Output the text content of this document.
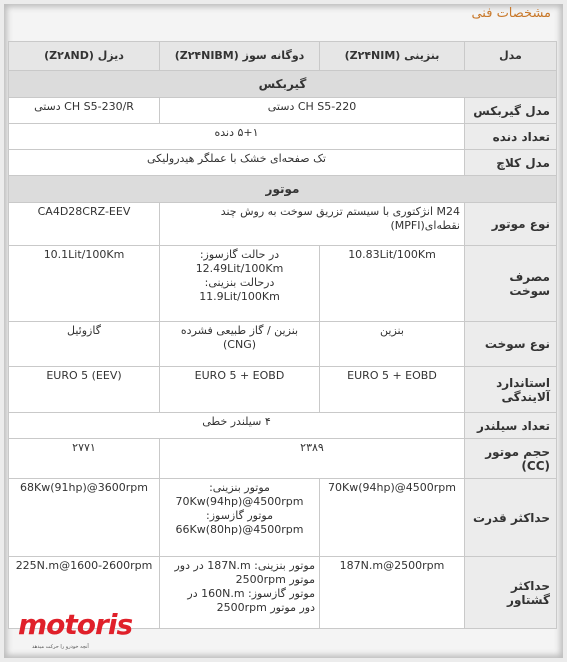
مشخصات فنی
مدل	بنزینی (Z۲۴NIM)	دوگانه سوز (Z۲۴NIBM)	دیزل (Z۲۸ND)
گیربکس			
مدل گیربکس	CH S5-220 دستی		CH S5-230/R دستی
تعداد دنده	۵+۱ دنده		
مدل کلاچ	تک صفحه‌ای خشک با عملگر هیدرولیکی		
موتور			
نوع موتور	M24 انژکتوری با سیستم تزریق سوخت به روش چند نقطه‌ای(MPFI)		CA4D28CRZ-EEV
مصرف سوخت	10.83Lit/100Km	در حالت گازسوز:
12.49Lit/100Km
درحالت بنزینی:
11.9Lit/100Km	10.1Lit/100Km
نوع سوخت	بنزین	بنزین / گاز طبیعی فشرده (CNG)	گازوئیل
استاندارد آلایندگی	EURO 5 + EOBD	EURO 5 + EOBD	EURO 5 (EEV)
تعداد سیلندر	۴ سیلندر خطی		
حجم موتور (CC)	۲۳۸۹		۲۷۷۱
حداکثر قدرت	70Kw(94hp)@4500rpm	موتور بنزینی:
70Kw(94hp)@4500rpm
موتور گازسوز:
66Kw(80hp)@4500rpm	68Kw(91hp)@3600rpm
حداکثر گشتاور	187N.m@2500rpm	موتور بنزینی: 187N.m در دور
موتور 2500rpm
موتور گازسوز: 160N.m در
دور موتور 2500rpm	225N.m@1600-2600rpm
motoris
آنچه خودرو را حرکت میدهد
